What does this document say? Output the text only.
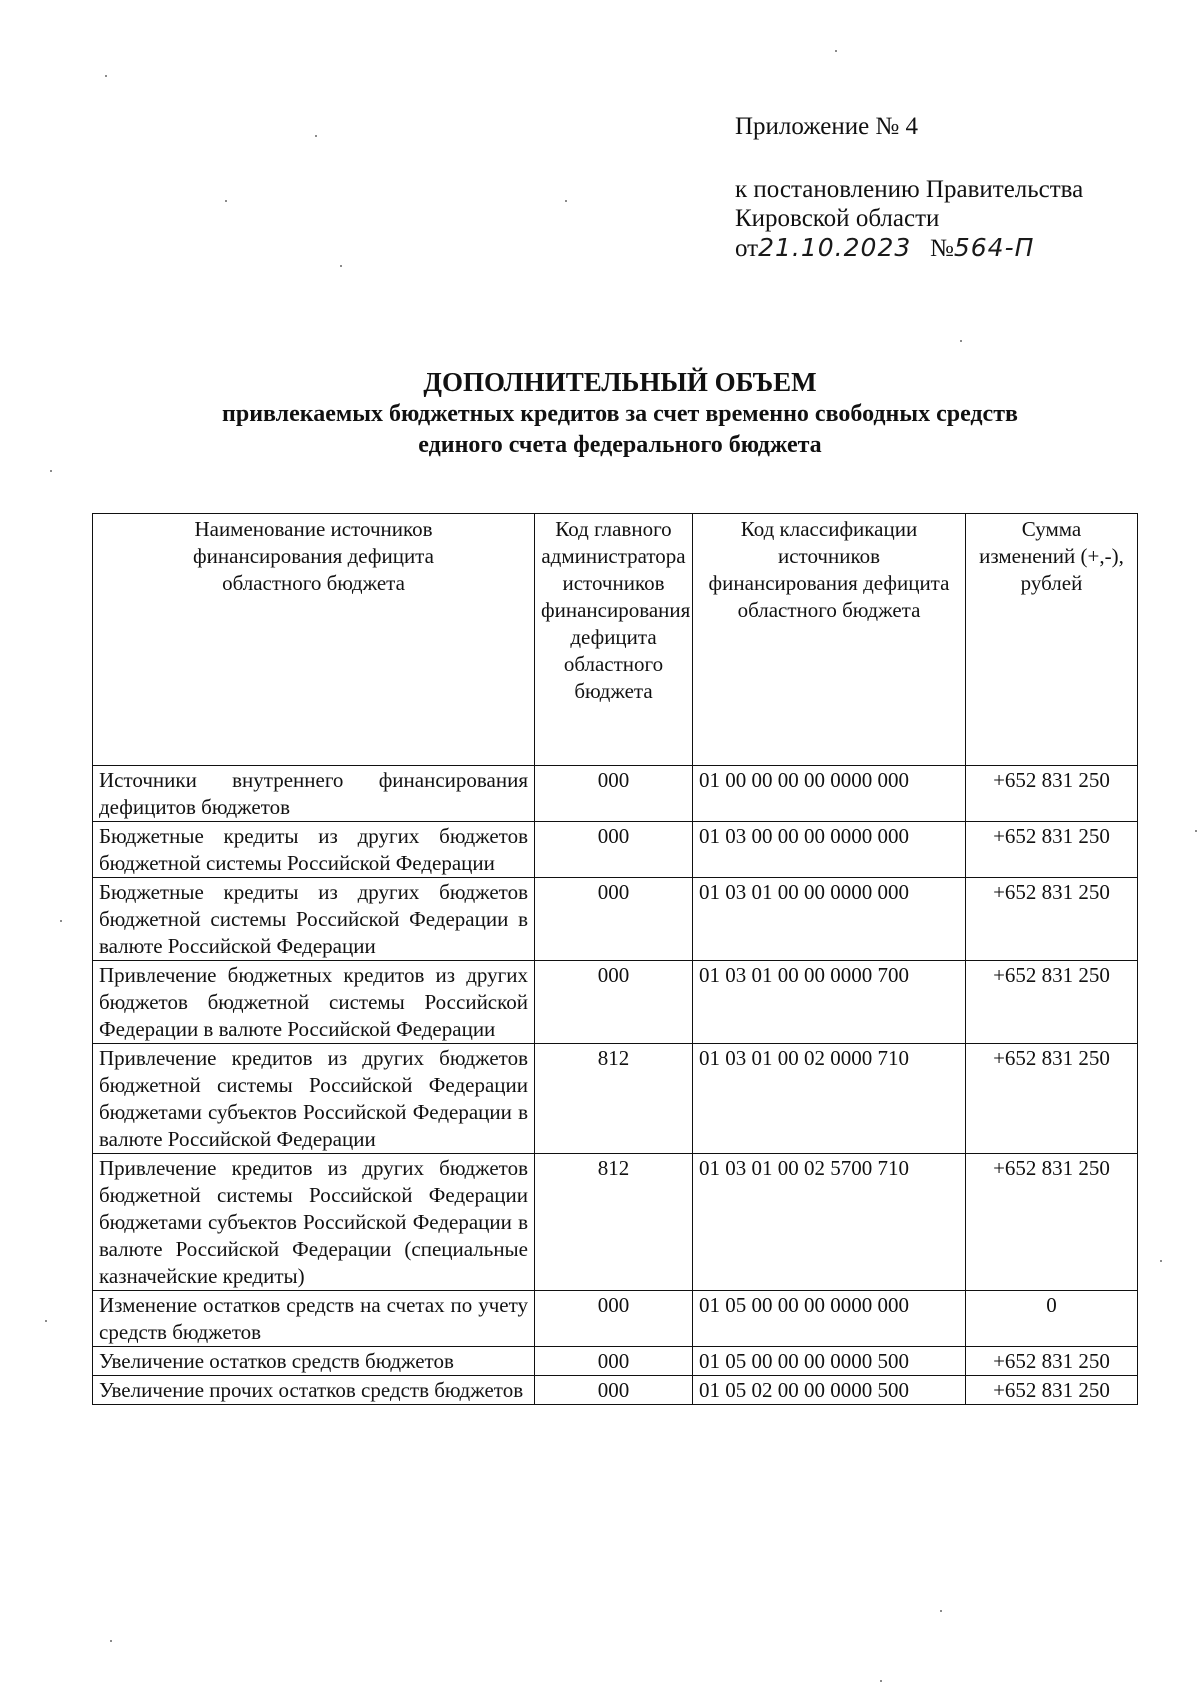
Приложение № 4

к постановлению Правительства

Кировской области

от21.10.2023 №564-П

ДОПОЛНИТЕЛЬНЫЙ ОБЪЕМ
привлекаемых бюджетных кредитов за счет временно свободных средств
единого счета федерального бюджета
Наименование источников финансирования дефицита областного бюджета	Код главного администратора источников финансирования дефицита областного бюджета	Код классификации источников финансирования дефицита областного бюджета	Сумма изменений (+,-), рублей
Источники внутреннего финансирования дефицитов бюджетов	000	01 00 00 00 00 0000 000	+652 831 250
Бюджетные кредиты из других бюджетов бюджетной системы Российской Федерации	000	01 03 00 00 00 0000 000	+652 831 250
Бюджетные кредиты из других бюджетов бюджетной системы Российской Федерации в валюте Российской Федерации	000	01 03 01 00 00 0000 000	+652 831 250
Привлечение бюджетных кредитов из других бюджетов бюджетной системы Российской Федерации в валюте Российской Федерации	000	01 03 01 00 00 0000 700	+652 831 250
Привлечение кредитов из других бюджетов бюджетной системы Российской Федерации бюджетами субъектов Российской Федерации в валюте Российской Федерации	812	01 03 01 00 02 0000 710	+652 831 250
Привлечение кредитов из других бюджетов бюджетной системы Российской Федерации бюджетами субъектов Российской Федерации в валюте Российской Федерации (специальные казначейские кредиты)	812	01 03 01 00 02 5700 710	+652 831 250
Изменение остатков средств на счетах по учету средств бюджетов	000	01 05 00 00 00 0000 000	0
Увеличение остатков средств бюджетов	000	01 05 00 00 00 0000 500	+652 831 250
Увеличение прочих остатков средств бюджетов	000	01 05 02 00 00 0000 500	+652 831 250
